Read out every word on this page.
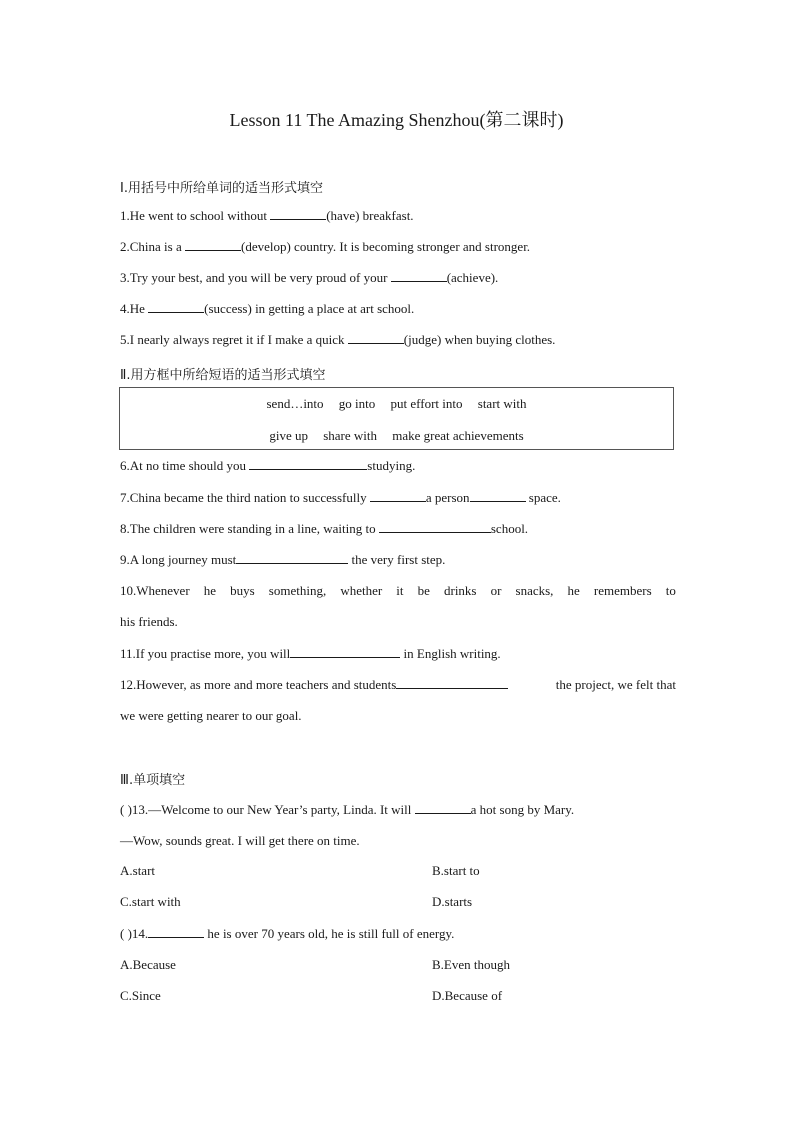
Lesson 11 The Amazing Shenzhou(第二课时)
Ⅰ.用括号中所给单词的适当形式填空
1.He went to school without	(have) breakfast.
2.China is a	(develop) country. It is becoming stronger and stronger.
3.Try your best, and you will be very proud of your	(achieve).
4.He	(success) in getting a place at art school.
5.I nearly always regret it if I make a quick	(judge) when buying clothes.
Ⅱ.用方框中所给短语的适当形式填空
send…into go into put effort into start with
give up share with make great achievements
6.At no time should you	studying.
7.China became the third nation to successfully	a person	space.
8.The children were standing in a line, waiting to	school.
9.A long journey must	the very first step.
10.Whenever he buys something, whether it be drinks or snacks, he remembers to
his friends.
11.If you practise more, you will	in English writing.
12.However, as more and more teachers and students	the project, we felt that
we were getting nearer to our goal.
Ⅲ.单项填空
( )13.—Welcome to our New Year’s party, Linda. It will	a hot song by Mary.
—Wow, sounds great. I will get there on time.
A.start	B.start to
C.start with	D.starts
( )14.	he is over 70 years old, he is still full of energy.
A.Because	B.Even though
C.Since	D.Because of
